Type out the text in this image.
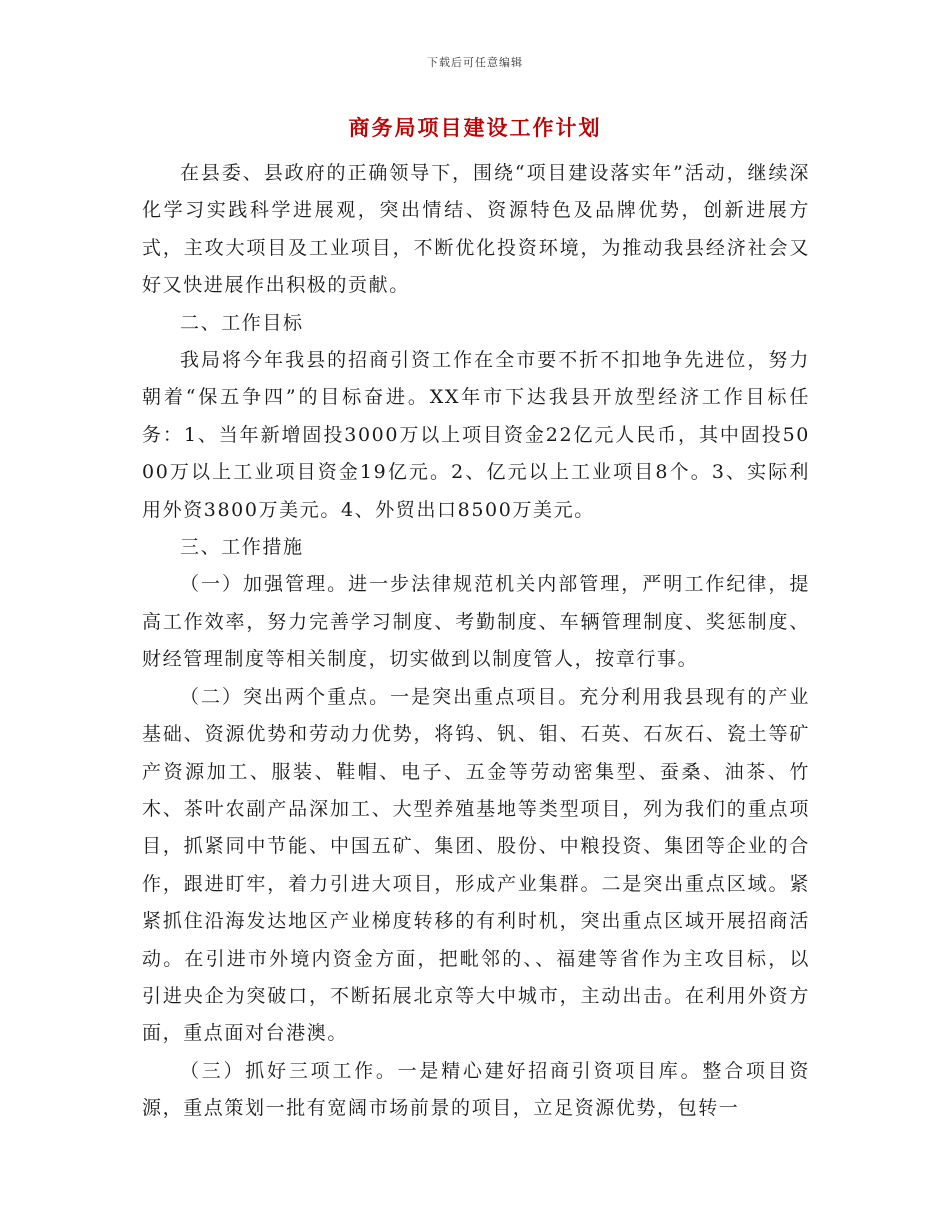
下载后可任意编辑
商务局项目建设工作计划

在县委、县政府的正确领导下，围绕“项目建设落实年”活动，继续深化学习实践科学进展观，突出情结、资源特色及品牌优势，创新进展方式，主攻大项目及工业项目，不断优化投资环境，为推动我县经济社会又好又快进展作出积极的贡献。

二、工作目标

我局将今年我县的招商引资工作在全市要不折不扣地争先进位，努力朝着“保五争四”的目标奋进。XX年市下达我县开放型经济工作目标任务：1、当年新增固投3000万以上项目资金22亿元人民币，其中固投5000万以上工业项目资金19亿元。2、亿元以上工业项目8个。3、实际利用外资3800万美元。4、外贸出口8500万美元。

三、工作措施

（一）加强管理。进一步法律规范机关内部管理，严明工作纪律，提高工作效率，努力完善学习制度、考勤制度、车辆管理制度、奖惩制度、财经管理制度等相关制度，切实做到以制度管人，按章行事。

（二）突出两个重点。一是突出重点项目。充分利用我县现有的产业基础、资源优势和劳动力优势，将钨、钒、钼、石英、石灰石、瓷土等矿产资源加工、服装、鞋帽、电子、五金等劳动密集型、蚕桑、油茶、竹木、茶叶农副产品深加工、大型养殖基地等类型项目，列为我们的重点项目，抓紧同中节能、中国五矿、集团、股份、中粮投资、集团等企业的合作，跟进盯牢，着力引进大项目，形成产业集群。二是突出重点区域。紧紧抓住沿海发达地区产业梯度转移的有利时机，突出重点区域开展招商活动。在引进市外境内资金方面，把毗邻的、、福建等省作为主攻目标，以引进央企为突破口，不断拓展北京等大中城市，主动出击。在利用外资方面，重点面对台港澳。

（三）抓好三项工作。一是精心建好招商引资项目库。整合项目资源，重点策划一批有宽阔市场前景的项目，立足资源优势，包转一
